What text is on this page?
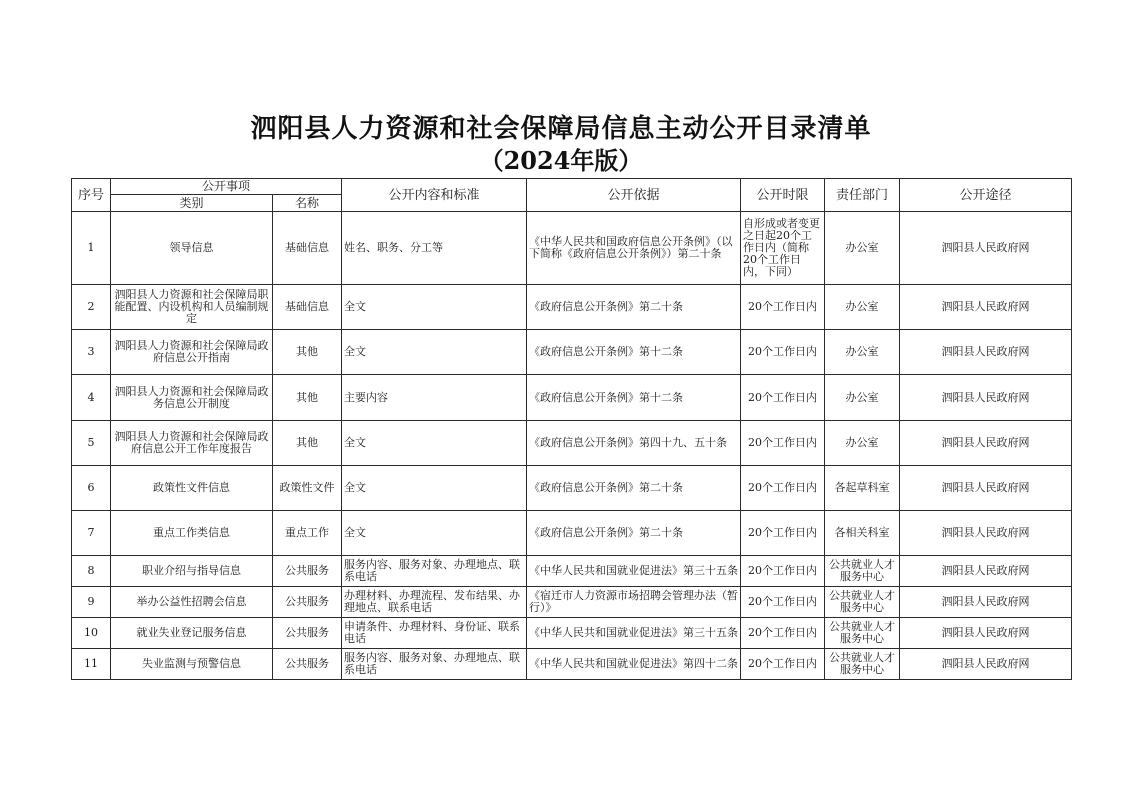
泗阳县人力资源和社会保障局信息主动公开目录清单
（2024年版）
序号	公开事项		公开内容和标准	公开依据	公开时限	责任部门	公开途径
	类别	名称					
1	领导信息	基础信息	姓名、职务、分工等	《中华人民共和国政府信息公开条例》（以下简称《政府信息公开条例》）第二十条	自形成或者变更之日起20个工作日内（简称20个工作日内，下同）	办公室	泗阳县人民政府网
2	泗阳县人力资源和社会保障局职能配置、内设机构和人员编制规定	基础信息	全文	《政府信息公开条例》第二十条	20个工作日内	办公室	泗阳县人民政府网
3	泗阳县人力资源和社会保障局政府信息公开指南	其他	全文	《政府信息公开条例》第十二条	20个工作日内	办公室	泗阳县人民政府网
4	泗阳县人力资源和社会保障局政务信息公开制度	其他	主要内容	《政府信息公开条例》第十二条	20个工作日内	办公室	泗阳县人民政府网
5	泗阳县人力资源和社会保障局政府信息公开工作年度报告	其他	全文	《政府信息公开条例》第四十九、五十条	20个工作日内	办公室	泗阳县人民政府网
6	政策性文件信息	政策性文件	全文	《政府信息公开条例》第二十条	20个工作日内	各起草科室	泗阳县人民政府网
7	重点工作类信息	重点工作	全文	《政府信息公开条例》第二十条	20个工作日内	各相关科室	泗阳县人民政府网
8	职业介绍与指导信息	公共服务	服务内容、服务对象、办理地点、联系电话	《中华人民共和国就业促进法》第三十五条	20个工作日内	公共就业人才服务中心	泗阳县人民政府网
9	举办公益性招聘会信息	公共服务	办理材料、办理流程、发布结果、办理地点、联系电话	《宿迁市人力资源市场招聘会管理办法（暂行）》	20个工作日内	公共就业人才服务中心	泗阳县人民政府网
10	就业失业登记服务信息	公共服务	申请条件、办理材料、身份证、联系电话	《中华人民共和国就业促进法》第三十五条	20个工作日内	公共就业人才服务中心	泗阳县人民政府网
11	失业监测与预警信息	公共服务	服务内容、服务对象、办理地点、联系电话	《中华人民共和国就业促进法》第四十二条	20个工作日内	公共就业人才服务中心	泗阳县人民政府网
